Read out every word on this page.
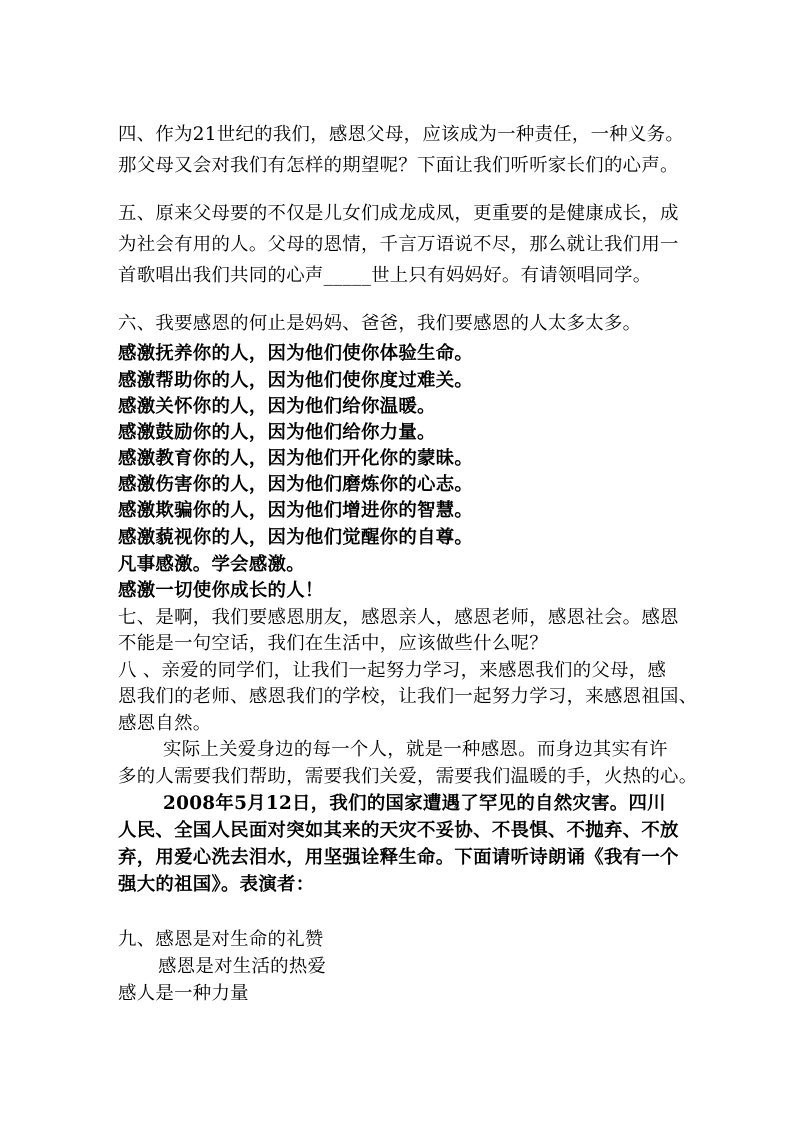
四、作为21世纪的我们，感恩父母，应该成为一种责任，一种义务。
那父母又会对我们有怎样的期望呢？下面让我们听听家长们的心声。
五、原来父母要的不仅是儿女们成龙成凤，更重要的是健康成长，成
为社会有用的人。父母的恩情，千言万语说不尽，那么就让我们用一
首歌唱出我们共同的心声_____世上只有妈妈好。有请领唱同学。
六、我要感恩的何止是妈妈、爸爸，我们要感恩的人太多太多。
感激抚养你的人，因为他们使你体验生命。
感激帮助你的人，因为他们使你度过难关。
感激关怀你的人，因为他们给你温暖。
感激鼓励你的人，因为他们给你力量。
感激教育你的人，因为他们开化你的蒙昧。
感激伤害你的人，因为他们磨炼你的心志。
感激欺骗你的人，因为他们增进你的智慧。
感激藐视你的人，因为他们觉醒你的自尊。
凡事感激。学会感激。
感激一切使你成长的人！
七、是啊，我们要感恩朋友，感恩亲人，感恩老师，感恩社会。感恩
不能是一句空话，我们在生活中，应该做些什么呢？
八 、亲爱的同学们，让我们一起努力学习，来感恩我们的父母，感
恩我们的老师、感恩我们的学校，让我们一起努力学习，来感恩祖国、
感恩自然。
实际上关爱身边的每一个人，就是一种感恩。而身边其实有许
多的人需要我们帮助，需要我们关爱，需要我们温暖的手，火热的心。
2008年5月12日，我们的国家遭遇了罕见的自然灾害。四川
人民、全国人民面对突如其来的天灾不妥协、不畏惧、不抛弃、不放
弃，用爱心洗去泪水，用坚强诠释生命。下面请听诗朗诵《我有一个
强大的祖国》。表演者：
九、感恩是对生命的礼赞
感恩是对生活的热爱
感人是一种力量
